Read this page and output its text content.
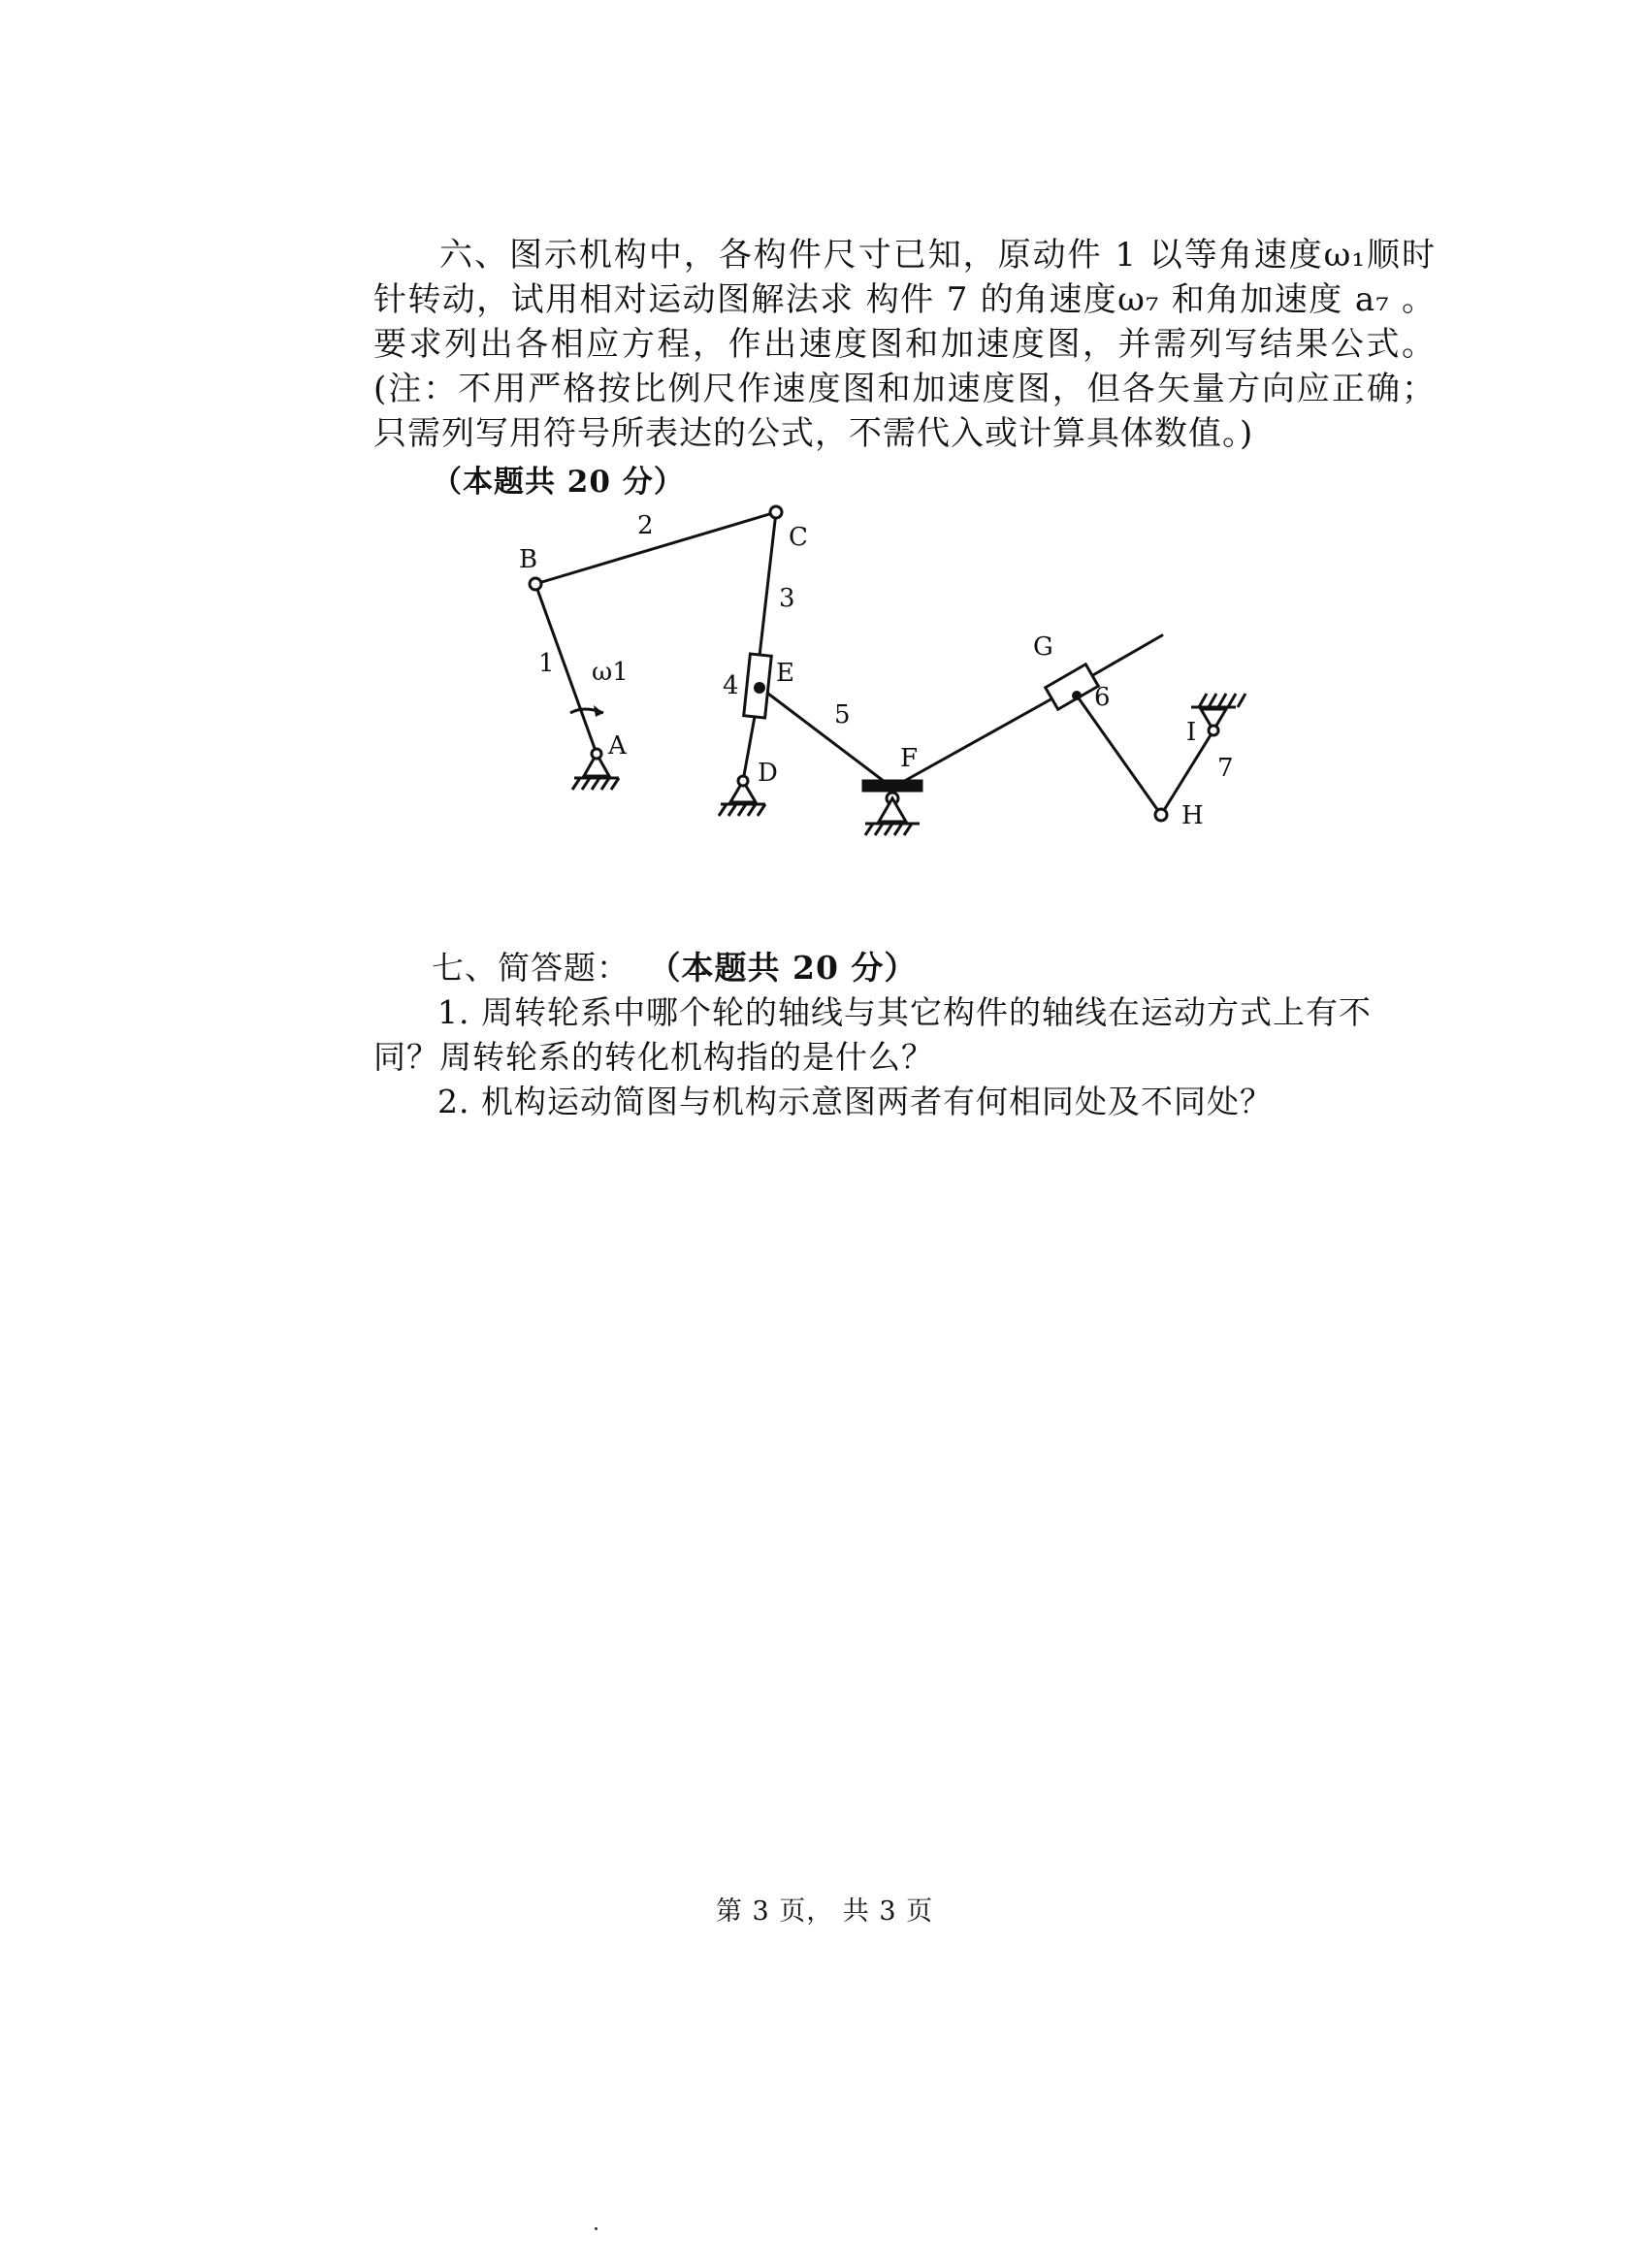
六、图示机构中，各构件尺寸已知，原动件 1 以等角速度ω₁顺时针转动，试用相对运动图解法求 构件 7 的角速度ω₇ 和角加速度 a₇ 。要求列出各相应方程，作出速度图和加速度图，并需列写结果公式。(注：不用严格按比例尺作速度图和加速度图，但各矢量方向应正确；只需列写用符号所表达的公式，不需代入或计算具体数值。)

（本题共 20 分）
A
B
C
D
E
F
G
H
I
1
2
3
4
5
6
7
ω1
七、简答题： （本题共 20 分）

1. 周转轮系中哪个轮的轴线与其它构件的轴线在运动方式上有不同？周转轮系的转化机构指的是什么？

2. 机构运动简图与机构示意图两者有何相同处及不同处？

第 3 页， 共 3 页
